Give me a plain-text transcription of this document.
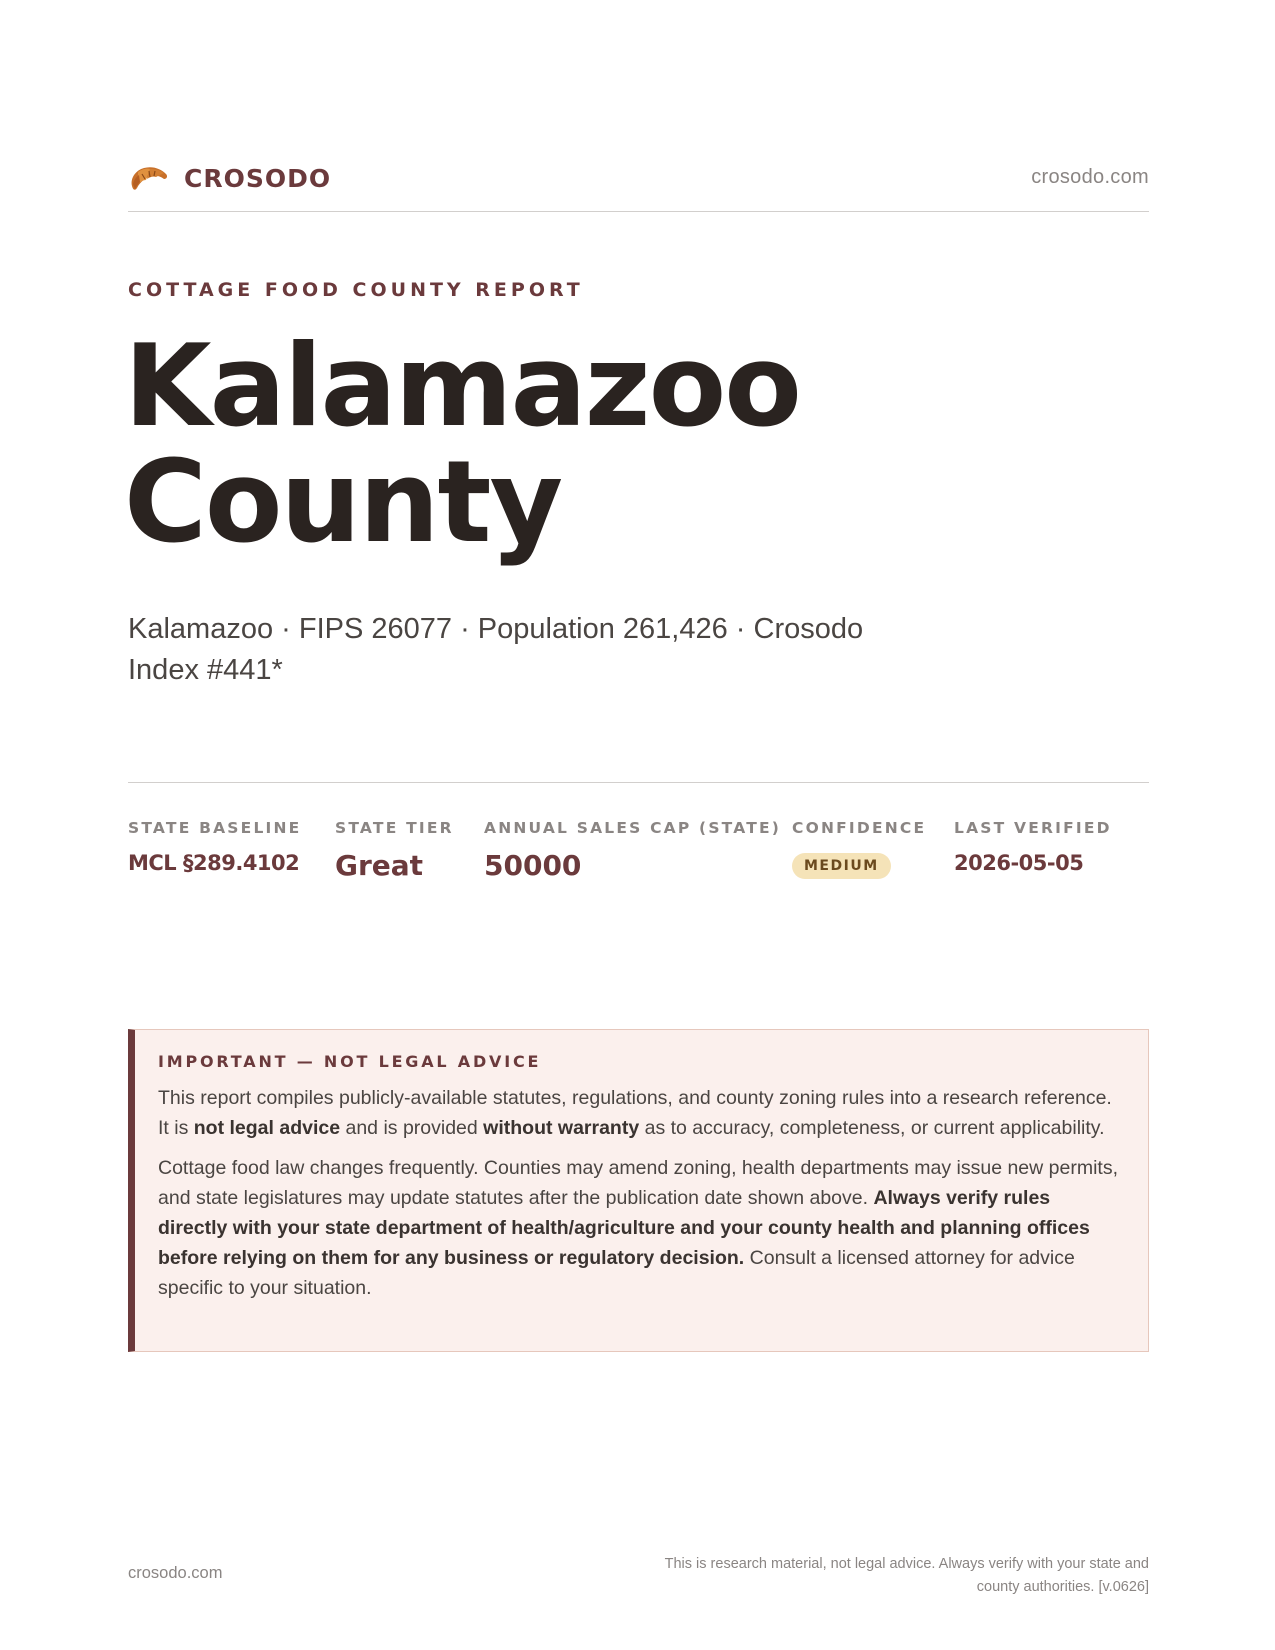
CROSODO	crosodo.com
COTTAGE FOOD COUNTY REPORT
Kalamazoo
County
Kalamazoo · FIPS 26077 · Population 261,426 · Crosodo Index #441*
STATE BASELINE
MCL §289.4102
STATE TIER
Great
ANNUAL SALES CAP (STATE)
50000
CONFIDENCE
MEDIUM
LAST VERIFIED
2026-05-05
IMPORTANT — NOT LEGAL ADVICE

This report compiles publicly-available statutes, regulations, and county zoning rules into a research reference. It is not legal advice and is provided without warranty as to accuracy, completeness, or current applicability.

Cottage food law changes frequently. Counties may amend zoning, health departments may issue new permits, and state legislatures may update statutes after the publication date shown above. Always verify rules directly with your state department of health/agriculture and your county health and planning offices before relying on them for any business or regulatory decision. Consult a licensed attorney for advice specific to your situation.

crosodo.com	This is research material, not legal advice. Always verify with your state and county authorities. [v.0626]
